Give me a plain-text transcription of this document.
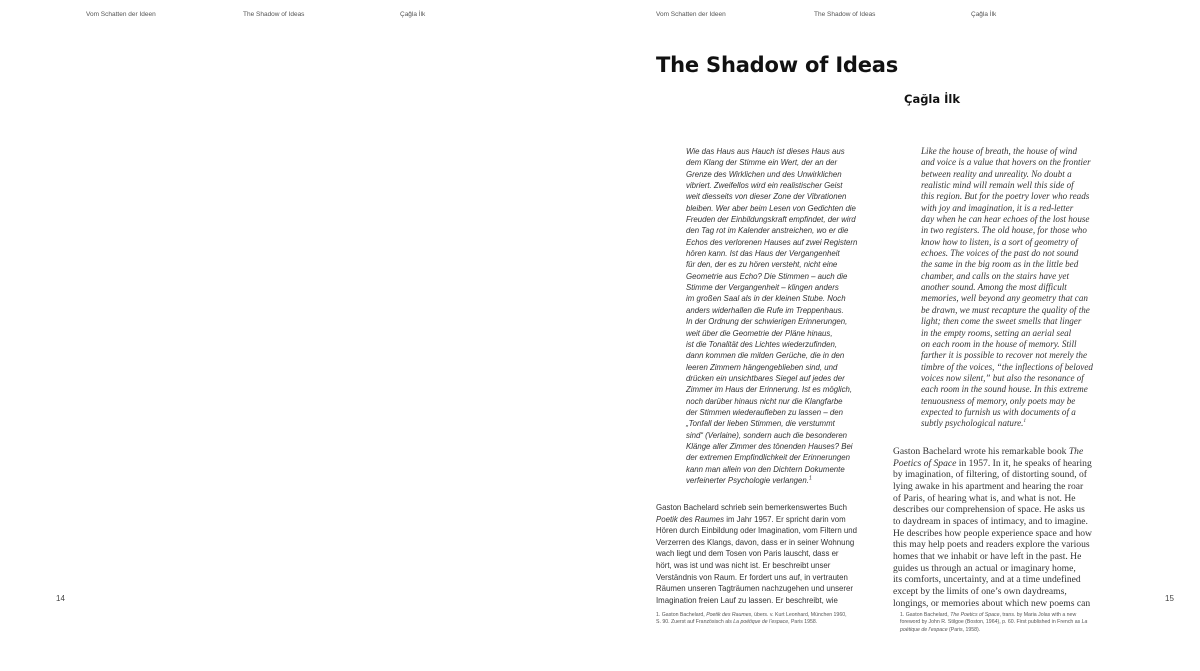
Vom Schatten der Ideen	The Shadow of Ideas	Çağla İlk
14
Vom Schatten der Ideen	The Shadow of Ideas	Çağla İlk
The Shadow of Ideas
Çağla İlk
Wie das Haus aus Hauch ist dieses Haus aus
dem Klang der Stimme ein Wert, der an der
Grenze des Wirklichen und des Unwirklichen
vibriert. Zweifellos wird ein realistischer Geist
weit diesseits von dieser Zone der Vibrationen
bleiben. Wer aber beim Lesen von Gedichten die
Freuden der Einbildungskraft empfindet, der wird
den Tag rot im Kalender anstreichen, wo er die
Echos des verlorenen Hauses auf zwei Registern
hören kann. Ist das Haus der Vergangenheit
für den, der es zu hören versteht, nicht eine
Geometrie aus Echo? Die Stimmen – auch die
Stimme der Vergangenheit – klingen anders
im großen Saal als in der kleinen Stube. Noch
anders widerhallen die Rufe im Treppenhaus.
In der Ordnung der schwierigen Erinnerungen,
weit über die Geometrie der Pläne hinaus,
ist die Tonalität des Lichtes wiederzufinden,
dann kommen die milden Gerüche, die in den
leeren Zimmern hängengeblieben sind, und
drücken ein unsichtbares Siegel auf jedes der
Zimmer im Haus der Erinnerung. Ist es möglich,
noch darüber hinaus nicht nur die Klangfarbe
der Stimmen wiederaufleben zu lassen – den
„Tonfall der lieben Stimmen, die verstummt
sind“ (Verlaine), sondern auch die besonderen
Klänge aller Zimmer des tönenden Hauses? Bei
der extremen Empfindlichkeit der Erinnerungen
kann man allein von den Dichtern Dokumente
verfeinerter Psychologie verlangen.$^1$
Like the house of breath, the house of wind
and voice is a value that hovers on the frontier
between reality and unreality. No doubt a
realistic mind will remain well this side of
this region. But for the poetry lover who reads
with joy and imagination, it is a red-letter
day when he can hear echoes of the lost house
in two registers. The old house, for those who
know how to listen, is a sort of geometry of
echoes. The voices of the past do not sound
the same in the big room as in the little bed
chamber, and calls on the stairs have yet
another sound. Among the most difficult
memories, well beyond any geometry that can
be drawn, we must recapture the quality of the
light; then come the sweet smells that linger
in the empty rooms, setting an aerial seal
on each room in the house of memory. Still
farther it is possible to recover not merely the
timbre of the voices, “the inflections of beloved
voices now silent,” but also the resonance of
each room in the sound house. In this extreme
tenuousness of memory, only poets may be
expected to furnish us with documents of a
subtly psychological nature.$^1$
Gaston Bachelard schrieb sein bemerkenswertes Buch
Poetik des Raumes im Jahr 1957. Er spricht darin vom
Hören durch Einbildung oder Imagination, vom Filtern und
Verzerren des Klangs, davon, dass er in seiner Wohnung
wach liegt und dem Tosen von Paris lauscht, dass er
hört, was ist und was nicht ist. Er beschreibt unser
Verständnis von Raum. Er fordert uns auf, in vertrauten
Räumen unseren Tagträumen nachzugehen und unserer
Imagination freien Lauf zu lassen. Er beschreibt, wie
Gaston Bachelard wrote his remarkable book The
Poetics of Space in 1957. In it, he speaks of hearing
by imagination, of filtering, of distorting sound, of
lying awake in his apartment and hearing the roar
of Paris, of hearing what is, and what is not. He
describes our comprehension of space. He asks us
to daydream in spaces of intimacy, and to imagine.
He describes how people experience space and how
this may help poets and readers explore the various
homes that we inhabit or have left in the past. He
guides us through an actual or imaginary home,
its comforts, uncertainty, and at a time undefined
except by the limits of one’s own daydreams,
longings, or memories about which new poems can	15
1. Gaston Bachelard, Poetik des Raumes, übers. v. Kurt Leonhard, München 1960,
S. 90. Zuerst auf Französisch als La poétique de l’espace, Paris 1958.
1. Gaston Bachelard, The Poetics of Space, trans. by Maria Jolas with a new
foreword by John R. Stilgoe (Boston, 1964), p. 60. First published in French as La
poétique de l’espace (Paris, 1958).
